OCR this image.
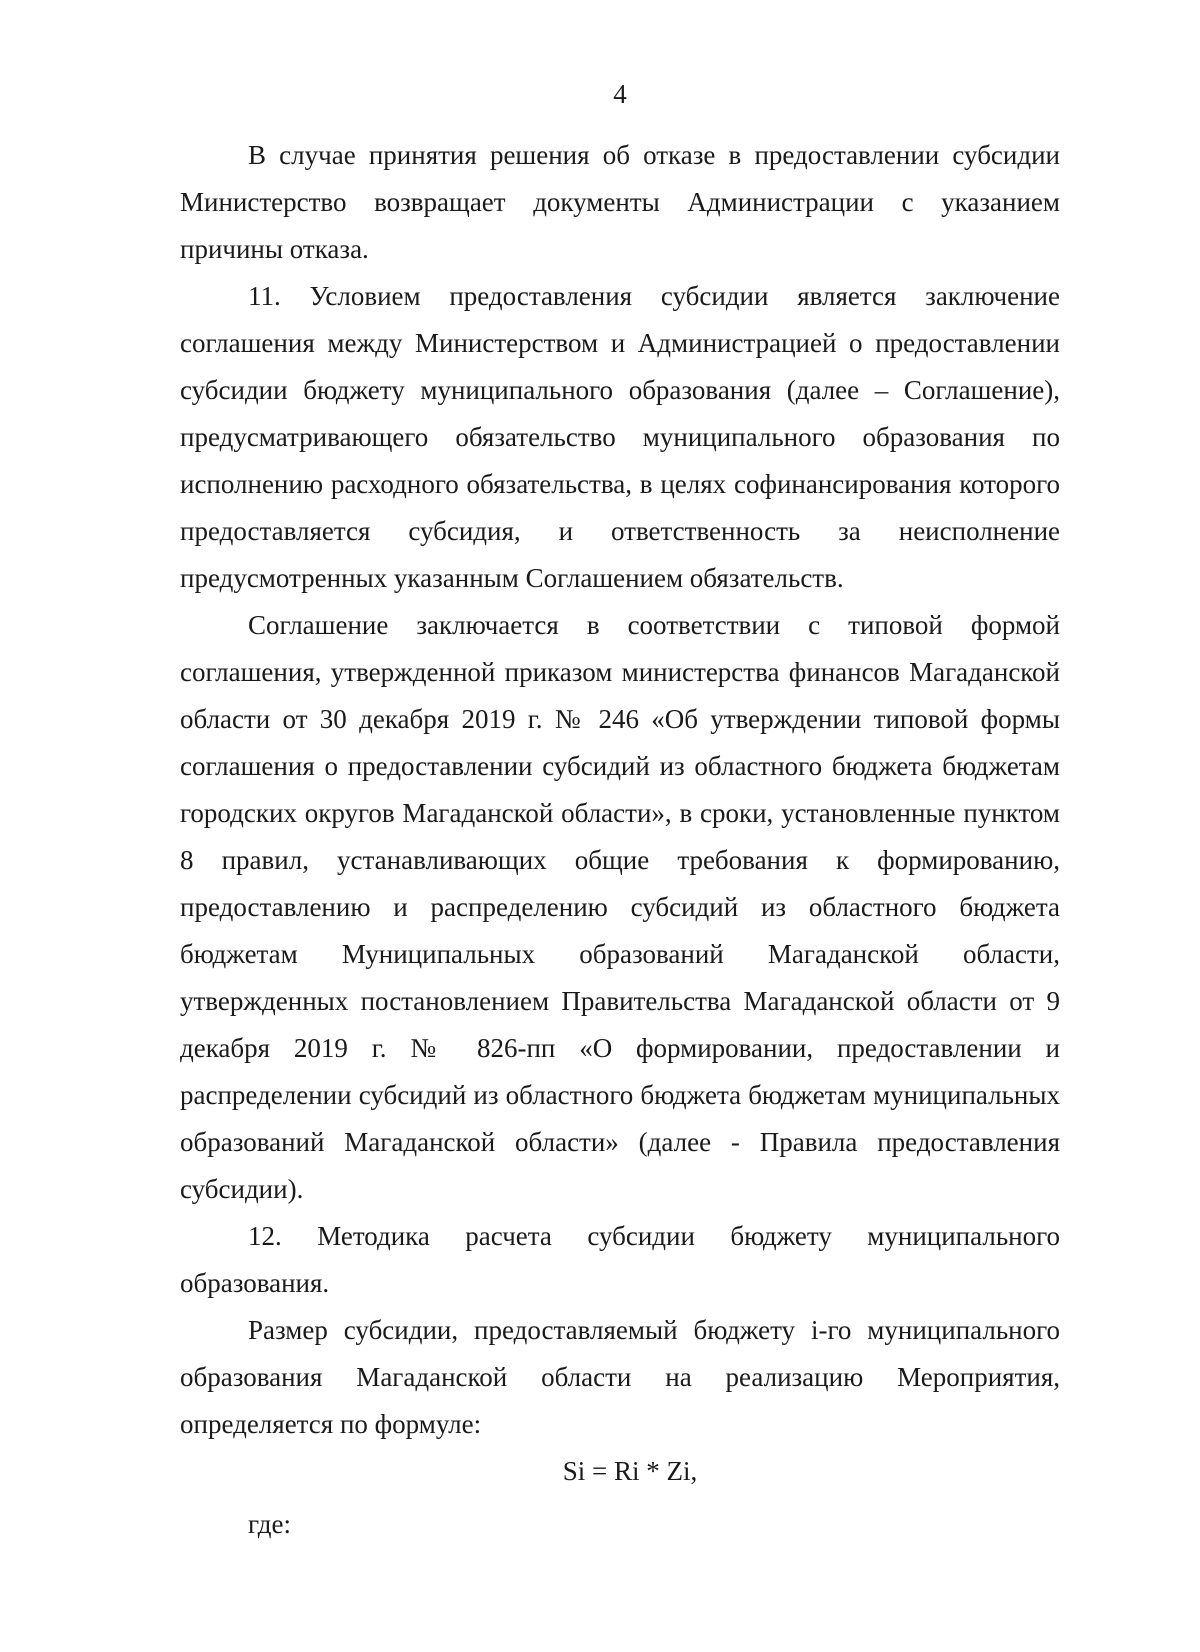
4

В случае принятия решения об отказе в предоставлении субсидии Министерство возвращает документы Администрации с указанием причины отказа.

11. Условием предоставления субсидии является заключение соглашения между Министерством и Администрацией о предоставлении субсидии бюджету муниципального образования (далее – Соглашение), предусматривающего обязательство муниципального образования по исполнению расходного обязательства, в целях софинансирования которого предоставляется субсидия, и ответственность за неисполнение предусмотренных указанным Соглашением обязательств.

Соглашение заключается в соответствии с типовой формой соглашения, утвержденной приказом министерства финансов Магаданской области от 30 декабря 2019 г. № 246 «Об утверждении типовой формы соглашения о предоставлении субсидий из областного бюджета бюджетам городских округов Магаданской области», в сроки, установленные пунктом 8 правил, устанавливающих общие требования к формированию, предоставлению и распределению субсидий из областного бюджета бюджетам Муниципальных образований Магаданской области, утвержденных постановлением Правительства Магаданской области от 9 декабря 2019 г. № 826-пп «О формировании, предоставлении и распределении субсидий из областного бюджета бюджетам муниципальных образований Магаданской области» (далее - Правила предоставления субсидии).

12. Методика расчета субсидии бюджету муниципального образования.

Размер субсидии, предоставляемый бюджету i-го муниципального образования Магаданской области на реализацию Мероприятия, определяется по формуле:

Si = Ri * Zi,

где:
